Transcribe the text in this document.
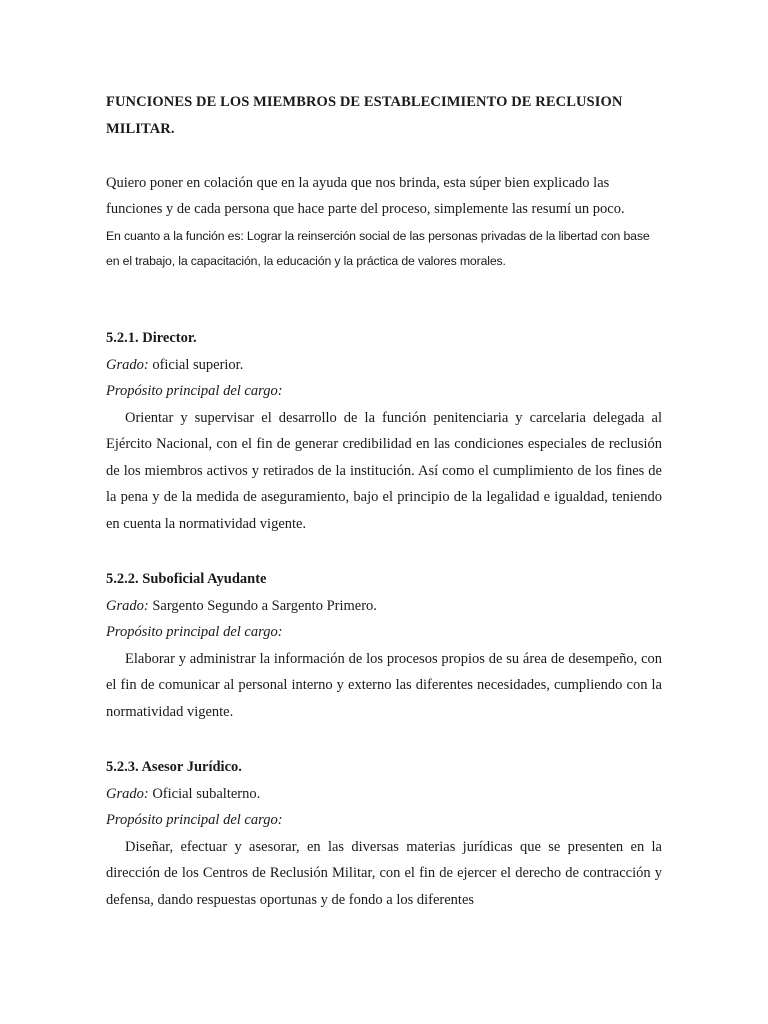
FUNCIONES DE LOS MIEMBROS DE ESTABLECIMIENTO DE RECLUSION MILITAR.
Quiero poner en colación que en la ayuda que nos brinda, esta súper bien explicado las funciones y de cada persona que hace parte del proceso, simplemente las resumí un poco.
En cuanto a la función es: Lograr la reinserción social de las personas privadas de la libertad con base en el trabajo, la capacitación, la educación y la práctica de valores morales.
5.2.1. Director.
Grado: oficial superior.
Propósito principal del cargo:

Orientar y supervisar el desarrollo de la función penitenciaria y carcelaria delegada al Ejército Nacional, con el fin de generar credibilidad en las condiciones especiales de reclusión de los miembros activos y retirados de la institución. Así como el cumplimiento de los fines de la pena y de la medida de aseguramiento, bajo el principio de la legalidad e igualdad, teniendo en cuenta la normatividad vigente.

5.2.2. Suboficial Ayudante
Grado: Sargento Segundo a Sargento Primero.
Propósito principal del cargo:

Elaborar y administrar la información de los procesos propios de su área de desempeño, con el fin de comunicar al personal interno y externo las diferentes necesidades, cumpliendo con la normatividad vigente.

5.2.3. Asesor Jurídico.
Grado: Oficial subalterno.
Propósito principal del cargo:

Diseñar, efectuar y asesorar, en las diversas materias jurídicas que se presenten en la dirección de los Centros de Reclusión Militar, con el fin de ejercer el derecho de contracción y defensa, dando respuestas oportunas y de fondo a los diferentes
